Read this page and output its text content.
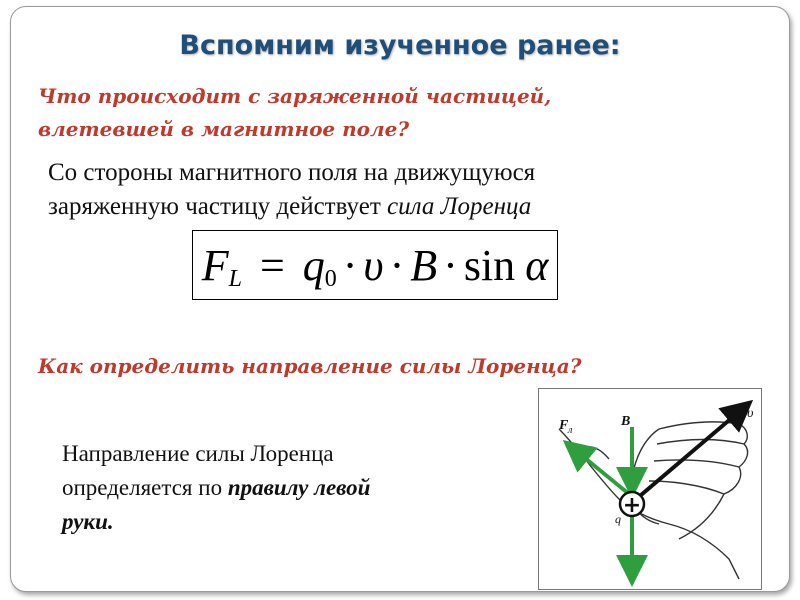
Вспомним изученное ранее:
Что происходит с заряженной частицей,
влетевшей в магнитное поле?
Со стороны магнитного поля на движущуюся
заряженную частицу действует сила Лоренца
F L = q 0 · υ · B · sin α
Как определить направление силы Лоренца?
Направление силы Лоренца
определяется по правилу левой
руки.
+
F л
B
υ
q
